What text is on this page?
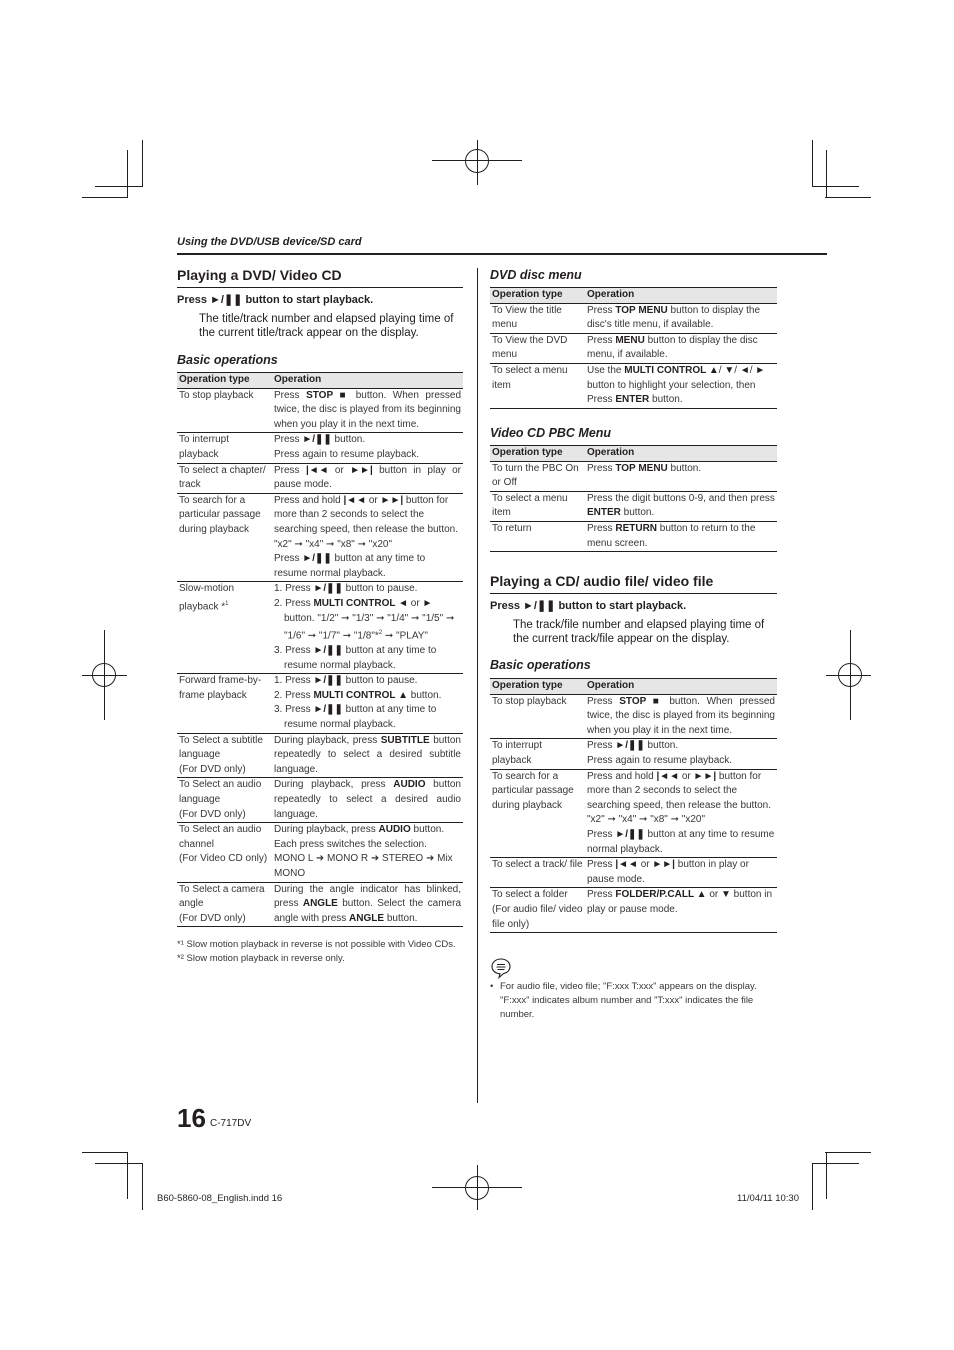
Using the DVD/USB device/SD card
Playing a DVD/ Video CD
Press ►/❚❚ button to start playback.
The title/track number and elapsed playing time of the current title/track appear on the display.
Basic operations
Operation type	Operation
To stop playback	Press STOP ■ button. When pressed twice, the disc is played from its beginning when you play it in the next time.
To interrupt playback	Press ►/❚❚ button.
Press again to resume playback.
To select a chapter/ track	Press |◄◄ or ►►| button in play or pause mode.
To search for a particular passage during playback	Press and hold |◄◄ or ►►| button for more than 2 seconds to select the searching speed, then release the button.
"x2" ➞ "x4" ➞ "x8" ➞ "x20"
Press ►/❚❚ button at any time to resume normal playback.
Slow-motion playback *$^1$	1. Press ►/❚❚ button to pause.
2. Press MULTI CONTROL ◄ or ► button. "1/2" ➞ "1/3" ➞ "1/4" ➞ "1/5" ➞ "1/6" ➞ "1/7" ➞ "1/8"*$^2$ ➞ "PLAY"
3. Press ►/❚❚ button at any time to resume normal playback.

Forward frame-by-frame playback	1. Press ►/❚❚ button to pause.
2. Press MULTI CONTROL ▲ button.
3. Press ►/❚❚ button at any time to resume normal playback.

To Select a subtitle language
(For DVD only)	During playback, press SUBTITLE button repeatedly to select a desired subtitle language.
To Select an audio language
(For DVD only)	During playback, press AUDIO button repeatedly to select a desired audio language.
To Select an audio channel
(For Video CD only)	During playback, press AUDIO button. Each press switches the selection.
MONO L ➜ MONO R ➜ STEREO ➜ Mix MONO
To Select a camera angle
(For DVD only)	During the angle indicator has blinked, press ANGLE button. Select the camera angle with press ANGLE button.
*¹ Slow motion playback in reverse is not possible with Video CDs.
*² Slow motion playback in reverse only.
DVD disc menu
Operation type	Operation
To View the title menu	Press TOP MENU button to display the disc's title menu, if available.
To View the DVD menu	Press MENU button to display the disc menu, if available.
To select a menu item	Use the MULTI CONTROL ▲/ ▼/ ◄/ ► button to highlight your selection, then Press ENTER button.
Video CD PBC Menu
Operation type	Operation
To turn the PBC On or Off	Press TOP MENU button.
To select a menu item	Press the digit buttons 0-9, and then press ENTER button.
To return	Press RETURN button to return to the menu screen.
Playing a CD/ audio file/ video file
Press ►/❚❚ button to start playback.
The track/file number and elapsed playing time of the current track/file appear on the display.
Basic operations
Operation type	Operation
To stop playback	Press STOP ■ button. When pressed twice, the disc is played from its beginning when you play it in the next time.
To interrupt playback	Press ►/❚❚ button.
Press again to resume playback.
To search for a particular passage during playback	Press and hold |◄◄ or ►►| button for more than 2 seconds to select the searching speed, then release the button.
"x2" ➞ "x4" ➞ "x8" ➞ "x20"
Press ►/❚❚ button at any time to resume normal playback.
To select a track/ file	Press |◄◄ or ►►| button in play or pause mode.
To select a folder
(For audio file/ video file only)	Press FOLDER/P.CALL ▲ or ▼ button in play or pause mode.
• For audio file, video file; "F:xxx T:xxx" appears on the display. "F:xxx" indicates album number and "T:xxx" indicates the file number.
16 C-717DV
B60-5860-08_English.indd 16	11/04/11 10:30
